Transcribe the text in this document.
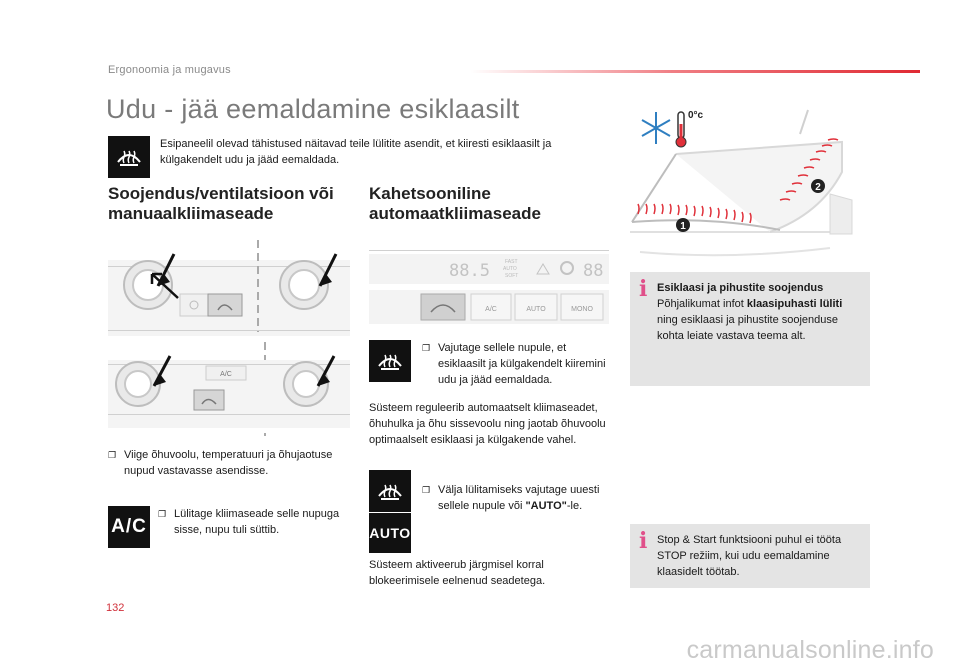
Ergonoomia ja mugavus
Udu - jää eemaldamine esiklaasilt

Esipaneelil olevad tähistused näitavad teile lülitite asendit, et kiiresti esiklaasilt ja külgakendelt udu ja jääd eemaldada.

Soojendus/ventilatsioon või manuaalkliimaseade
A/C
❐ Viige õhuvoolu, temperatuuri ja õhujaotuse nupud vastavasse asendisse.
A/C
❐ Lülitage kliimaseade selle nupuga sisse, nupu tuli süttib.
Kahetsooniline automaatkliimaseade
88.5	FAST
AUTO
SOFT	88
A/C	AUTO	MONO
❐ Vajutage sellele nupule, et esiklaasilt ja külgakendelt kiiremini udu ja jääd eemaldada.

Süsteem reguleerib automaatselt kliimaseadet, õhuhulka ja õhu sissevoolu ning jaotab õhuvoolu optimaalselt esiklaasi ja külgakende vahel.

AUTO
❐ Välja lülitamiseks vajutage uuesti sellele nupule või "AUTO"-le.

Süsteem aktiveerub järgmisel korral blokeerimisele eelnenud seadetega.

0°c
1
2
i Esiklaasi ja pihustite soojendus
Põhjalikumat infot klaasipuhasti lüliti ning esiklaasi ja pihustite soojenduse kohta leiate vastava teema alt.
i Stop & Start funktsiooni puhul ei tööta STOP režiim, kui udu eemaldamine klaasidelt töötab.
132
carmanualsonline.info
